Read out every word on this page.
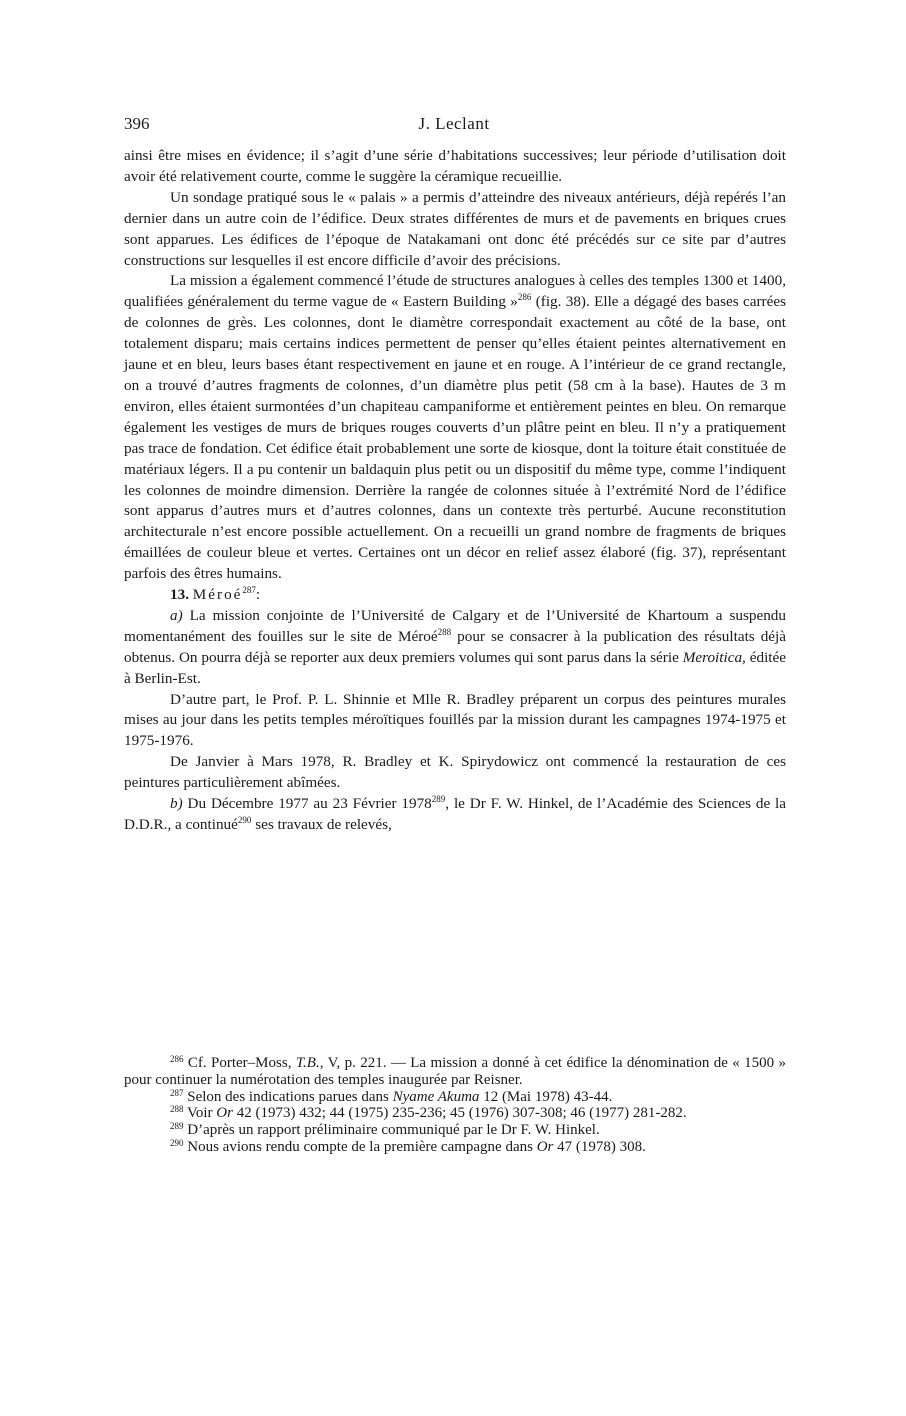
396	J. Leclant

ainsi être mises en évidence; il s’agit d’une série d’habitations successives; leur période d’utilisation doit avoir été relativement courte, comme le suggère la céramique recueillie.

Un sondage pratiqué sous le « palais » a permis d’atteindre des niveaux antérieurs, déjà repérés l’an dernier dans un autre coin de l’édifice. Deux strates différentes de murs et de pavements en briques crues sont apparues. Les édifices de l’époque de Natakamani ont donc été précédés sur ce site par d’autres constructions sur lesquelles il est encore difficile d’avoir des précisions.

La mission a également commencé l’étude de structures analogues à celles des temples 1300 et 1400, qualifiées généralement du terme vague de « Eastern Building »$^{286}$ (fig. 38). Elle a dégagé des bases carrées de colonnes de grès. Les colonnes, dont le diamètre correspondait exactement au côté de la base, ont totalement disparu; mais certains indices permettent de penser qu’elles étaient peintes alternativement en jaune et en bleu, leurs bases étant respectivement en jaune et en rouge. A l’intérieur de ce grand rectangle, on a trouvé d’autres fragments de colonnes, d’un diamètre plus petit (58 cm à la base). Hautes de 3 m environ, elles étaient surmontées d’un chapiteau campaniforme et entièrement peintes en bleu. On remarque également les vestiges de murs de briques rouges couverts d’un plâtre peint en bleu. Il n’y a pratiquement pas trace de fondation. Cet édifice était probablement une sorte de kiosque, dont la toiture était constituée de matériaux légers. Il a pu contenir un baldaquin plus petit ou un dispositif du même type, comme l’indiquent les colonnes de moindre dimension. Derrière la rangée de colonnes située à l’extrémité Nord de l’édifice sont apparus d’autres murs et d’autres colonnes, dans un contexte très perturbé. Aucune reconstitution architecturale n’est encore possible actuellement. On a recueilli un grand nombre de fragments de briques émaillées de couleur bleue et vertes. Certaines ont un décor en relief assez élaboré (fig. 37), représentant parfois des êtres humains.

13. Méroé$^{287}$:

a) La mission conjointe de l’Université de Calgary et de l’Université de Khartoum a suspendu momentanément des fouilles sur le site de Méroé$^{288}$ pour se consacrer à la publication des résultats déjà obtenus. On pourra déjà se reporter aux deux premiers volumes qui sont parus dans la série Meroitica, éditée à Berlin-Est.

D’autre part, le Prof. P. L. Shinnie et Mlle R. Bradley préparent un corpus des peintures murales mises au jour dans les petits temples méroïtiques fouillés par la mission durant les campagnes 1974-1975 et 1975-1976.

De Janvier à Mars 1978, R. Bradley et K. Spirydowicz ont commencé la restauration de ces peintures particulièrement abîmées.

b) Du Décembre 1977 au 23 Février 1978$^{289}$, le Dr F. W. Hinkel, de l’Académie des Sciences de la D.D.R., a continué$^{290}$ ses travaux de relevés,

$^{286}$ Cf. Porter–Moss, T.B., V, p. 221. — La mission a donné à cet édifice la dénomination de « 1500 » pour continuer la numérotation des temples inaugurée par Reisner.

$^{287}$ Selon des indications parues dans Nyame Akuma 12 (Mai 1978) 43-44.

$^{288}$ Voir Or 42 (1973) 432; 44 (1975) 235-236; 45 (1976) 307-308; 46 (1977) 281-282.

$^{289}$ D’après un rapport préliminaire communiqué par le Dr F. W. Hinkel.

$^{290}$ Nous avions rendu compte de la première campagne dans Or 47 (1978) 308.
